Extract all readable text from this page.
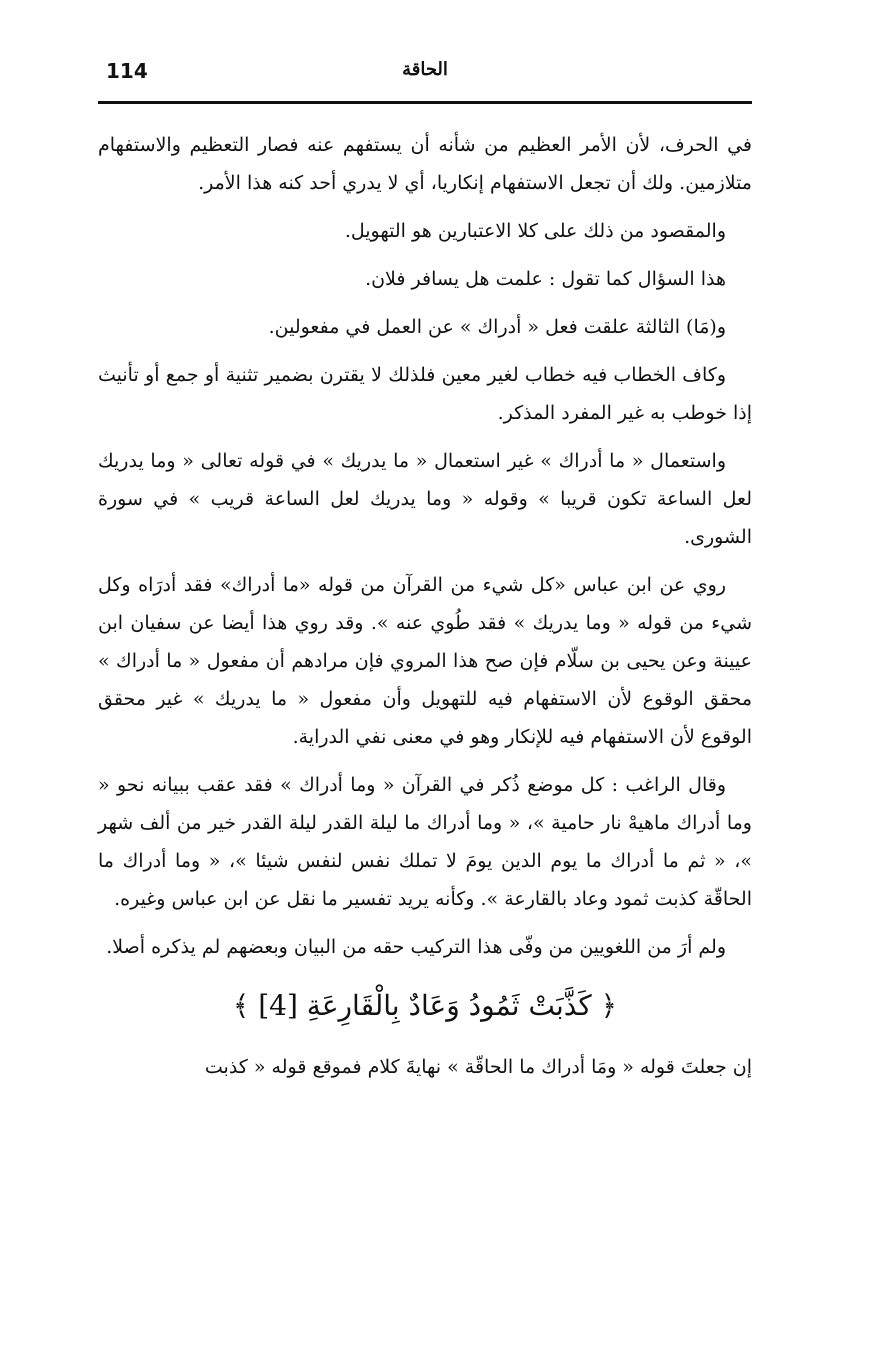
114	الحاقة

في الحرف، لأن الأمر العظيم من شأنه أن يستفهم عنه فصار التعظيم والاستفهام متلازمين. ولك أن تجعل الاستفهام إنكاريا، أي لا يدري أحد كنه هذا الأمر.

والمقصود من ذلك على كلا الاعتبارين هو التهويل.

هذا السؤال كما تقول : علمت هل يسافر فلان.

و(مَا) الثالثة علقت فعل « أدراك » عن العمل في مفعولين.

وكاف الخطاب فيه خطاب لغير معين فلذلك لا يقترن بضمير تثنية أو جمع أو تأنيث إذا خوطب به غير المفرد المذكر.

واستعمال « ما أدراك » غير استعمال « ما يدريك » في قوله تعالى « وما يدريك لعل الساعة تكون قريبا » وقوله « وما يدريك لعل الساعة قريب » في سورة الشورى.

روي عن ابن عباس «كل شيء من القرآن من قوله «ما أدراك» فقد أدرَاه وكل شيء من قوله « وما يدريك » فقد طُوي عنه ». وقد روي هذا أيضا عن سفيان ابن عيينة وعن يحيى بن سلّام فإن صح هذا المروي فإن مرادهم أن مفعول « ما أدراك » محقق الوقوع لأن الاستفهام فيه للتهويل وأن مفعول « ما يدريك » غير محقق الوقوع لأن الاستفهام فيه للإنكار وهو في معنى نفي الدراية.

وقال الراغب : كل موضع ذُكر في القرآن « وما أدراك » فقد عقب ببيانه نحو « وما أدراك ماهيهْ نار حامية »، « وما أدراك ما ليلة القدر ليلة القدر خير من ألف شهر »، « ثم ما أدراك ما يوم الدين يومَ لا تملك نفس لنفس شيئا »، « وما أدراك ما الحاقّة كذبت ثمود وعاد بالقارعة ». وكأنه يريد تفسير ما نقل عن ابن عباس وغيره.

ولم أرَ من اللغويين من وفّى هذا التركيب حقه من البيان وبعضهم لم يذكره أصلا.

﴿ كَذَّبَتْ ثَمُودُ وَعَادٌ بِالْقَارِعَةِ [4] ﴾

إن جعلتَ قوله « ومَا أدراك ما الحاقّة » نهايةَ كلام فموقع قوله « كذبت
